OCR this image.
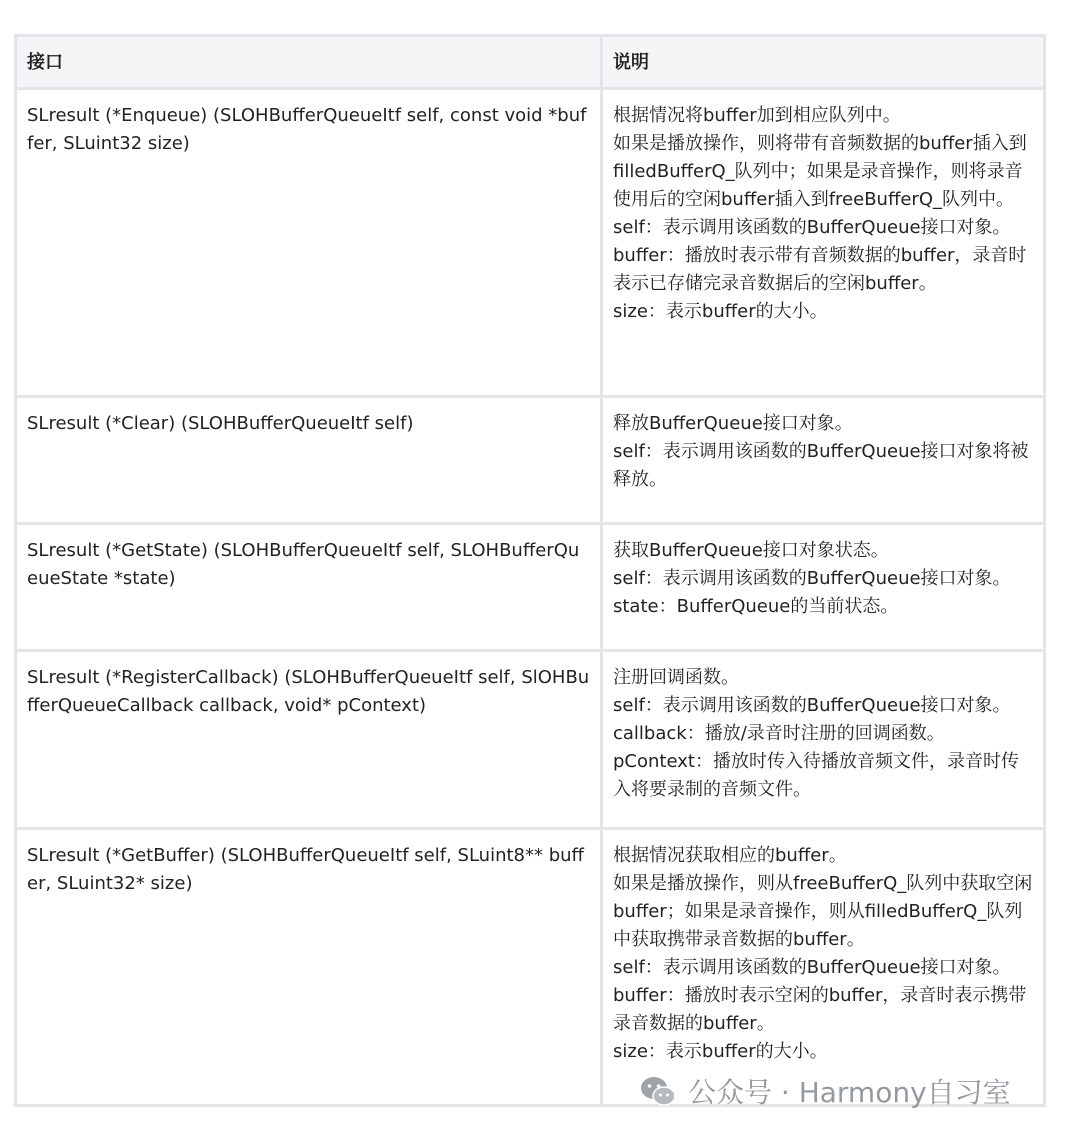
接口	说明
SLresult (*Enqueue) (SLOHBufferQueueItf self, const void *buffer, SLuint32 size)	根据情况将buffer加到相应队列中。
如果是播放操作，则将带有音频数据的buffer插入到filledBufferQ_队列中；如果是录音操作，则将录音使用后的空闲buffer插入到freeBufferQ_队列中。
self：表示调用该函数的BufferQueue接口对象。
buffer：播放时表示带有音频数据的buffer，录音时表示已存储完录音数据后的空闲buffer。
size：表示buffer的大小。

SLresult (*Clear) (SLOHBufferQueueItf self)	释放BufferQueue接口对象。
self：表示调用该函数的BufferQueue接口对象将被释放。

SLresult (*GetState) (SLOHBufferQueueItf self, SLOHBufferQueueState *state)	获取BufferQueue接口对象状态。
self：表示调用该函数的BufferQueue接口对象。
state：BufferQueue的当前状态。

SLresult (*RegisterCallback) (SLOHBufferQueueItf self, SlOHBufferQueueCallback callback, void* pContext)	注册回调函数。
self：表示调用该函数的BufferQueue接口对象。
callback：播放/录音时注册的回调函数。
pContext：播放时传入待播放音频文件，录音时传入将要录制的音频文件。

SLresult (*GetBuffer) (SLOHBufferQueueItf self, SLuint8** buffer, SLuint32* size)	根据情况获取相应的buffer。
如果是播放操作，则从freeBufferQ_队列中获取空闲buffer；如果是录音操作，则从filledBufferQ_队列中获取携带录音数据的buffer。
self：表示调用该函数的BufferQueue接口对象。
buffer：播放时表示空闲的buffer，录音时表示携带录音数据的buffer。
size：表示buffer的大小。
公众号 · Harmony自习室
